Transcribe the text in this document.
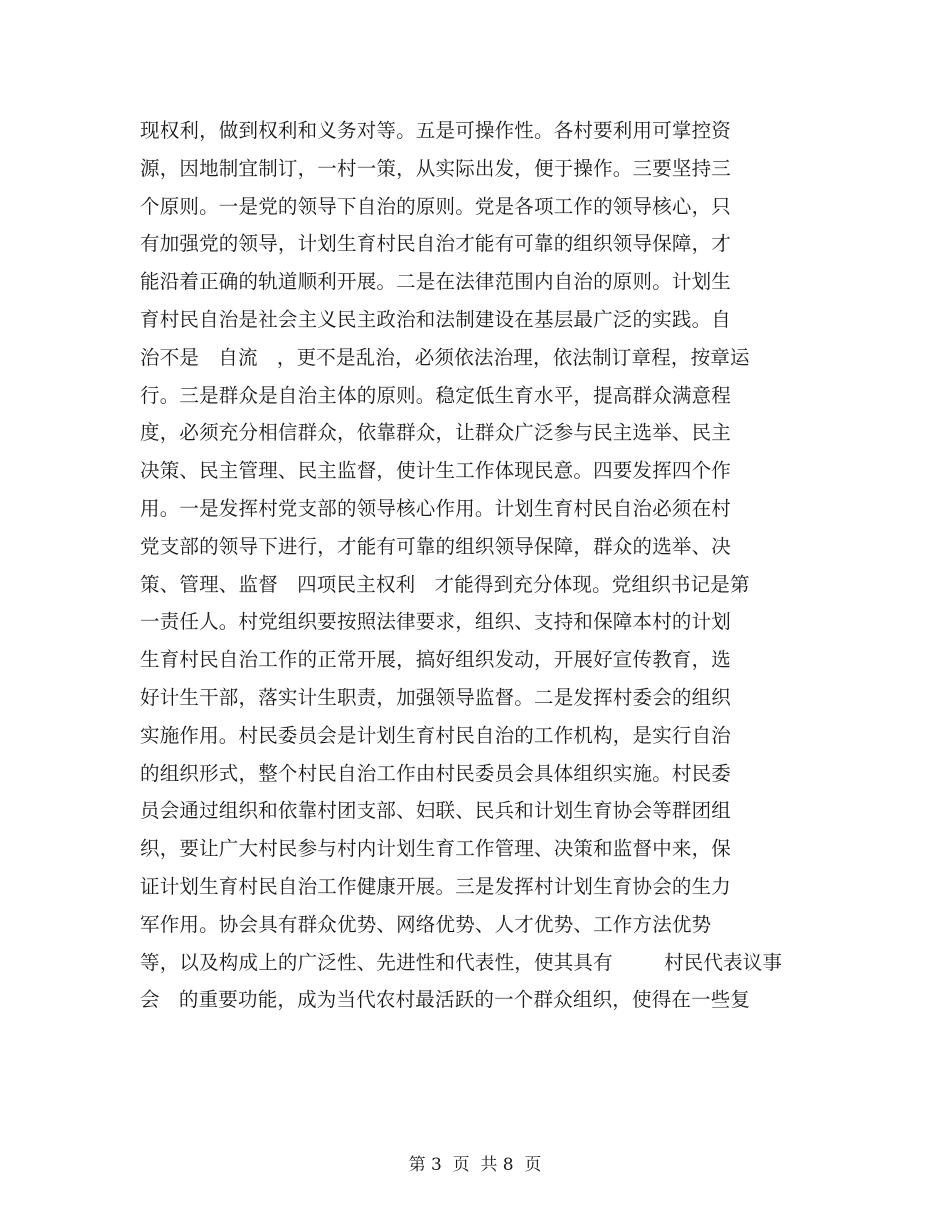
现权利，做到权利和义务对等。五是可操作性。各村要利用可掌控资
源，因地制宜制订，一村一策，从实际出发，便于操作。三要坚持三
个原则。一是党的领导下自治的原则。党是各项工作的领导核心，只
有加强党的领导，计划生育村民自治才能有可靠的组织领导保障，才
能沿着正确的轨道顺利开展。二是在法律范围内自治的原则。计划生
育村民自治是社会主义民主政治和法制建设在基层最广泛的实践。自
治不是   自流   ，更不是乱治，必须依法治理，依法制订章程，按章运
行。三是群众是自治主体的原则。稳定低生育水平，提高群众满意程
度，必须充分相信群众，依靠群众，让群众广泛参与民主选举、民主
决策、民主管理、民主监督，使计生工作体现民意。四要发挥四个作
用。一是发挥村党支部的领导核心作用。计划生育村民自治必须在村
党支部的领导下进行，才能有可靠的组织领导保障，群众的选举、决
策、管理、监督   四项民主权利   才能得到充分体现。党组织书记是第
一责任人。村党组织要按照法律要求，组织、支持和保障本村的计划
生育村民自治工作的正常开展，搞好组织发动，开展好宣传教育，选
好计生干部，落实计生职责，加强领导监督。二是发挥村委会的组织
实施作用。村民委员会是计划生育村民自治的工作机构，是实行自治
的组织形式，整个村民自治工作由村民委员会具体组织实施。村民委
员会通过组织和依靠村团支部、妇联、民兵和计划生育协会等群团组
织，要让广大村民参与村内计划生育工作管理、决策和监督中来，保
证计划生育村民自治工作健康开展。三是发挥村计划生育协会的生力
军作用。协会具有群众优势、网络优势、人才优势、工作方法优势
等，以及构成上的广泛性、先进性和代表性，使其具有        村民代表议事
会   的重要功能，成为当代农村最活跃的一个群众组织，使得在一些复
第 3  页  共 8  页
